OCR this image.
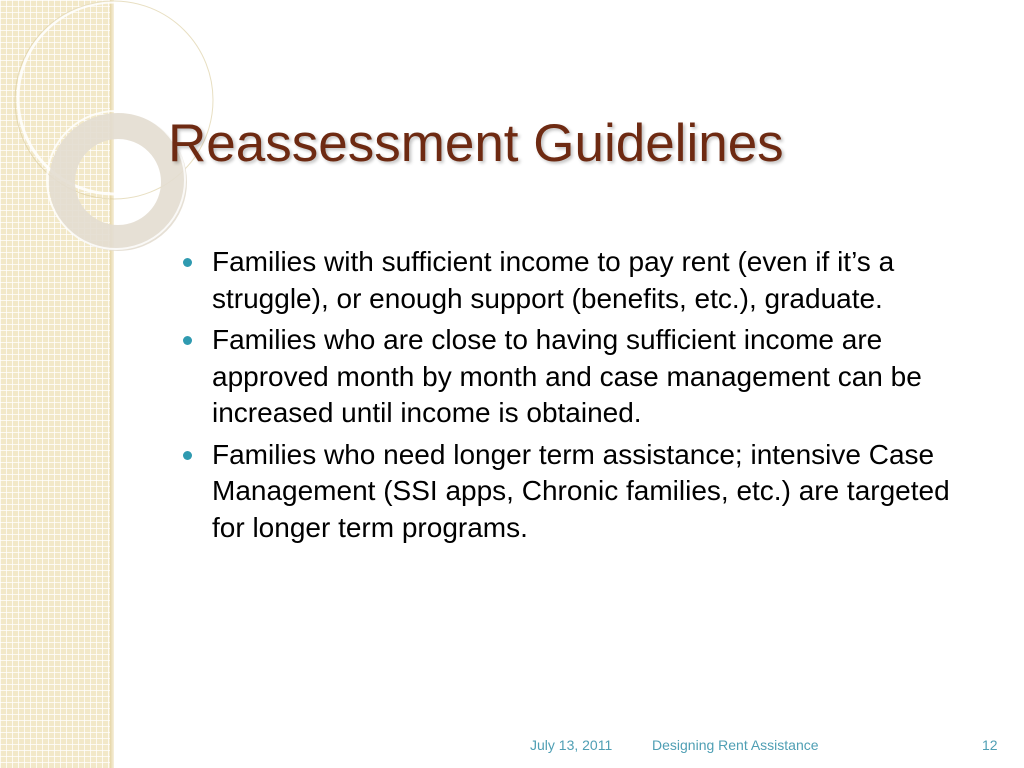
Reassessment Guidelines
Families with sufficient income to pay rent (even if it’s a struggle), or enough support (benefits, etc.), graduate.
Families who are close to having sufficient income are approved month by month and case management can be increased until income is obtained.
Families who need longer term assistance; intensive Case Management (SSI apps, Chronic families, etc.) are targeted for longer term programs.
July 13, 2011	Designing Rent Assistance	12
